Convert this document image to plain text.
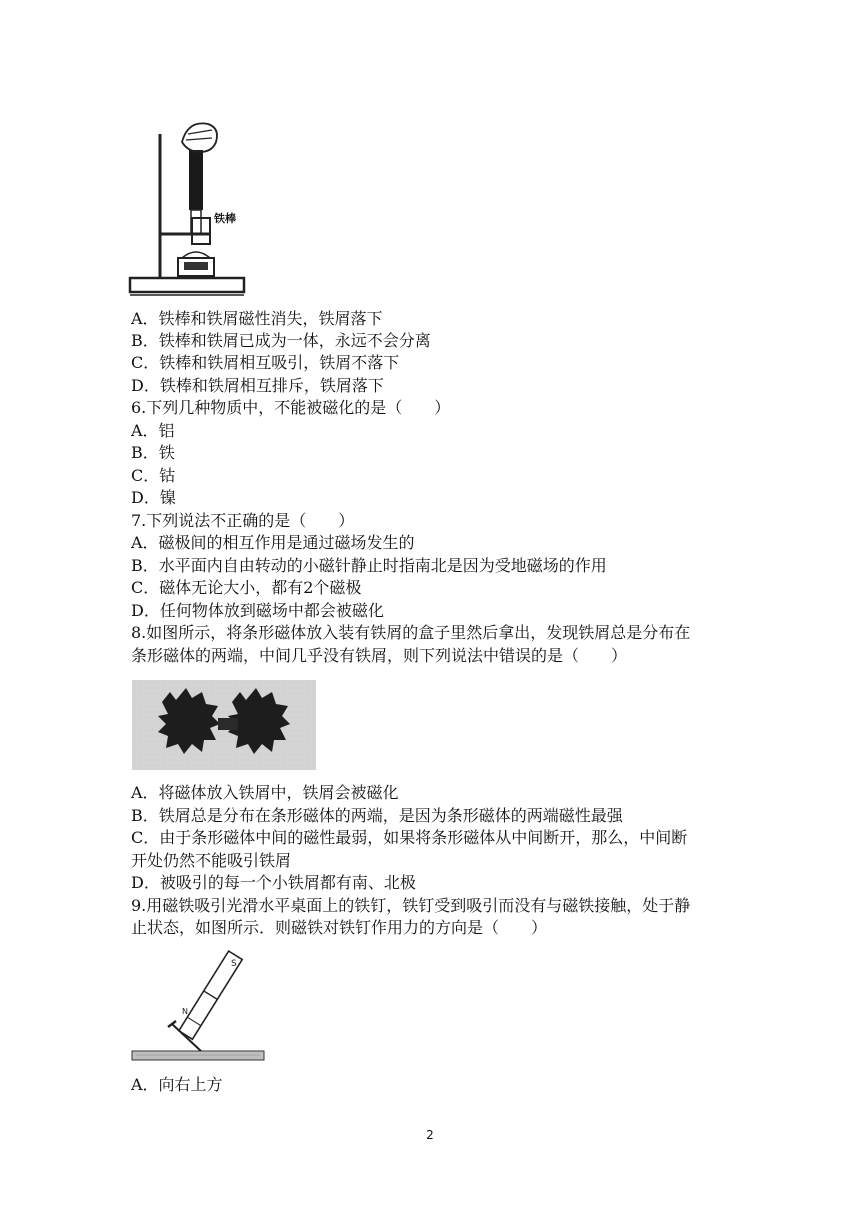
铁棒
A．铁棒和铁屑磁性消失，铁屑落下
B．铁棒和铁屑已成为一体，永远不会分离
C．铁棒和铁屑相互吸引，铁屑不落下
D．铁棒和铁屑相互排斥，铁屑落下
6.下列几种物质中，不能被磁化的是（　　）
A．铝
B．铁
C．钴
D．镍
7.下列说法不正确的是（　　）
A．磁极间的相互作用是通过磁场发生的
B．水平面内自由转动的小磁针静止时指南北是因为受地磁场的作用
C．磁体无论大小，都有2个磁极
D．任何物体放到磁场中都会被磁化
8.如图所示，将条形磁体放入装有铁屑的盒子里然后拿出，发现铁屑总是分布在
条形磁体的两端，中间几乎没有铁屑，则下列说法中错误的是（　　）
A．将磁体放入铁屑中，铁屑会被磁化
B．铁屑总是分布在条形磁体的两端，是因为条形磁体的两端磁性最强
C．由于条形磁体中间的磁性最弱，如果将条形磁体从中间断开，那么，中间断
开处仍然不能吸引铁屑
D．被吸引的每一个小铁屑都有南、北极
9.用磁铁吸引光滑水平桌面上的铁钉，铁钉受到吸引而没有与磁铁接触，处于静
止状态，如图所示．则磁铁对铁钉作用力的方向是（　　）
S
N
A．向右上方
2
